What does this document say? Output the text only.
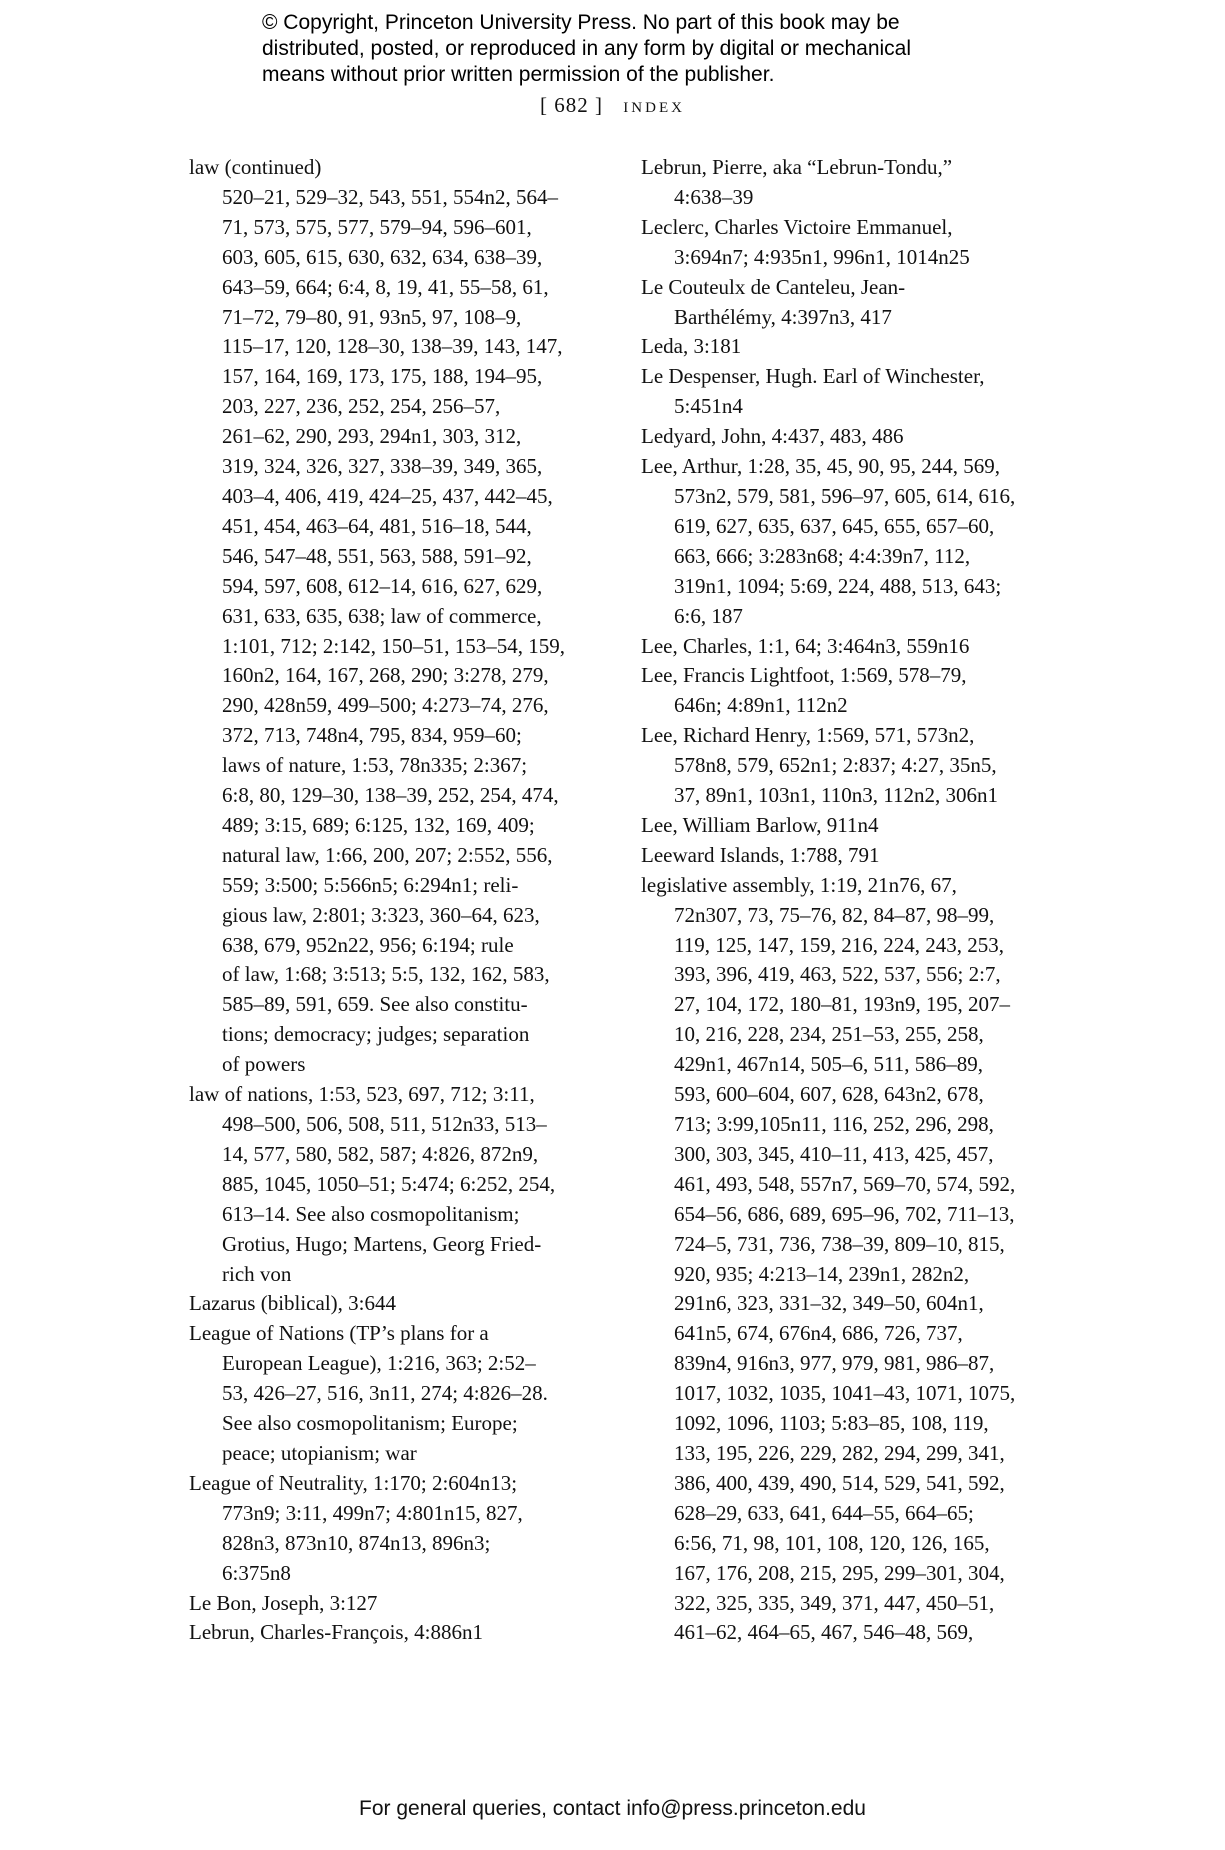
© Copyright, Princeton University Press. No part of this book may be
distributed, posted, or reproduced in any form by digital or mechanical
means without prior written permission of the publisher.
[ 682 ] index
law (continued)
520–21, 529–32, 543, 551, 554n2, 564–
71, 573, 575, 577, 579–94, 596–601,
603, 605, 615, 630, 632, 634, 638–39,
643–59, 664; 6:4, 8, 19, 41, 55–58, 61,
71–72, 79–80, 91, 93n5, 97, 108–9,
115–17, 120, 128–30, 138–39, 143, 147,
157, 164, 169, 173, 175, 188, 194–95,
203, 227, 236, 252, 254, 256–57,
261–62, 290, 293, 294n1, 303, 312,
319, 324, 326, 327, 338–39, 349, 365,
403–4, 406, 419, 424–25, 437, 442–45,
451, 454, 463–64, 481, 516–18, 544,
546, 547–48, 551, 563, 588, 591–92,
594, 597, 608, 612–14, 616, 627, 629,
631, 633, 635, 638; law of commerce,
1:101, 712; 2:142, 150–51, 153–54, 159,
160n2, 164, 167, 268, 290; 3:278, 279,
290, 428n59, 499–500; 4:273–74, 276,
372, 713, 748n4, 795, 834, 959–60;
laws of nature, 1:53, 78n335; 2:367;
6:8, 80, 129–30, 138–39, 252, 254, 474,
489; 3:15, 689; 6:125, 132, 169, 409;
natural law, 1:66, 200, 207; 2:552, 556,
559; 3:500; 5:566n5; 6:294n1; reli-
gious law, 2:801; 3:323, 360–64, 623,
638, 679, 952n22, 956; 6:194; rule
of law, 1:68; 3:513; 5:5, 132, 162, 583,
585–89, 591, 659. See also constitu-
tions; democracy; judges; separation
of powers
law of nations, 1:53, 523, 697, 712; 3:11,
498–500, 506, 508, 511, 512n33, 513–
14, 577, 580, 582, 587; 4:826, 872n9,
885, 1045, 1050–51; 5:474; 6:252, 254,
613–14. See also cosmopolitanism;
Grotius, Hugo; Martens, Georg Fried-
rich von
Lazarus (biblical), 3:644
League of Nations (TP’s plans for a
European League), 1:216, 363; 2:52–
53, 426–27, 516, 3n11, 274; 4:826–28.
See also cosmopolitanism; Europe;
peace; utopianism; war
League of Neutrality, 1:170; 2:604n13;
773n9; 3:11, 499n7; 4:801n15, 827,
828n3, 873n10, 874n13, 896n3;
6:375n8
Le Bon, Joseph, 3:127
Lebrun, Charles-François, 4:886n1
Lebrun, Pierre, aka “Lebrun-Tondu,”
4:638–39
Leclerc, Charles Victoire Emmanuel,
3:694n7; 4:935n1, 996n1, 1014n25
Le Couteulx de Canteleu, Jean-
Barthélémy, 4:397n3, 417
Leda, 3:181
Le Despenser, Hugh. Earl of Winchester,
5:451n4
Ledyard, John, 4:437, 483, 486
Lee, Arthur, 1:28, 35, 45, 90, 95, 244, 569,
573n2, 579, 581, 596–97, 605, 614, 616,
619, 627, 635, 637, 645, 655, 657–60,
663, 666; 3:283n68; 4:4:39n7, 112,
319n1, 1094; 5:69, 224, 488, 513, 643;
6:6, 187
Lee, Charles, 1:1, 64; 3:464n3, 559n16
Lee, Francis Lightfoot, 1:569, 578–79,
646n; 4:89n1, 112n2
Lee, Richard Henry, 1:569, 571, 573n2,
578n8, 579, 652n1; 2:837; 4:27, 35n5,
37, 89n1, 103n1, 110n3, 112n2, 306n1
Lee, William Barlow, 911n4
Leeward Islands, 1:788, 791
legislative assembly, 1:19, 21n76, 67,
72n307, 73, 75–76, 82, 84–87, 98–99,
119, 125, 147, 159, 216, 224, 243, 253,
393, 396, 419, 463, 522, 537, 556; 2:7,
27, 104, 172, 180–81, 193n9, 195, 207–
10, 216, 228, 234, 251–53, 255, 258,
429n1, 467n14, 505–6, 511, 586–89,
593, 600–604, 607, 628, 643n2, 678,
713; 3:99,105n11, 116, 252, 296, 298,
300, 303, 345, 410–11, 413, 425, 457,
461, 493, 548, 557n7, 569–70, 574, 592,
654–56, 686, 689, 695–96, 702, 711–13,
724–5, 731, 736, 738–39, 809–10, 815,
920, 935; 4:213–14, 239n1, 282n2,
291n6, 323, 331–32, 349–50, 604n1,
641n5, 674, 676n4, 686, 726, 737,
839n4, 916n3, 977, 979, 981, 986–87,
1017, 1032, 1035, 1041–43, 1071, 1075,
1092, 1096, 1103; 5:83–85, 108, 119,
133, 195, 226, 229, 282, 294, 299, 341,
386, 400, 439, 490, 514, 529, 541, 592,
628–29, 633, 641, 644–55, 664–65;
6:56, 71, 98, 101, 108, 120, 126, 165,
167, 176, 208, 215, 295, 299–301, 304,
322, 325, 335, 349, 371, 447, 450–51,
461–62, 464–65, 467, 546–48, 569,
For general queries, contact info@press.princeton.edu
